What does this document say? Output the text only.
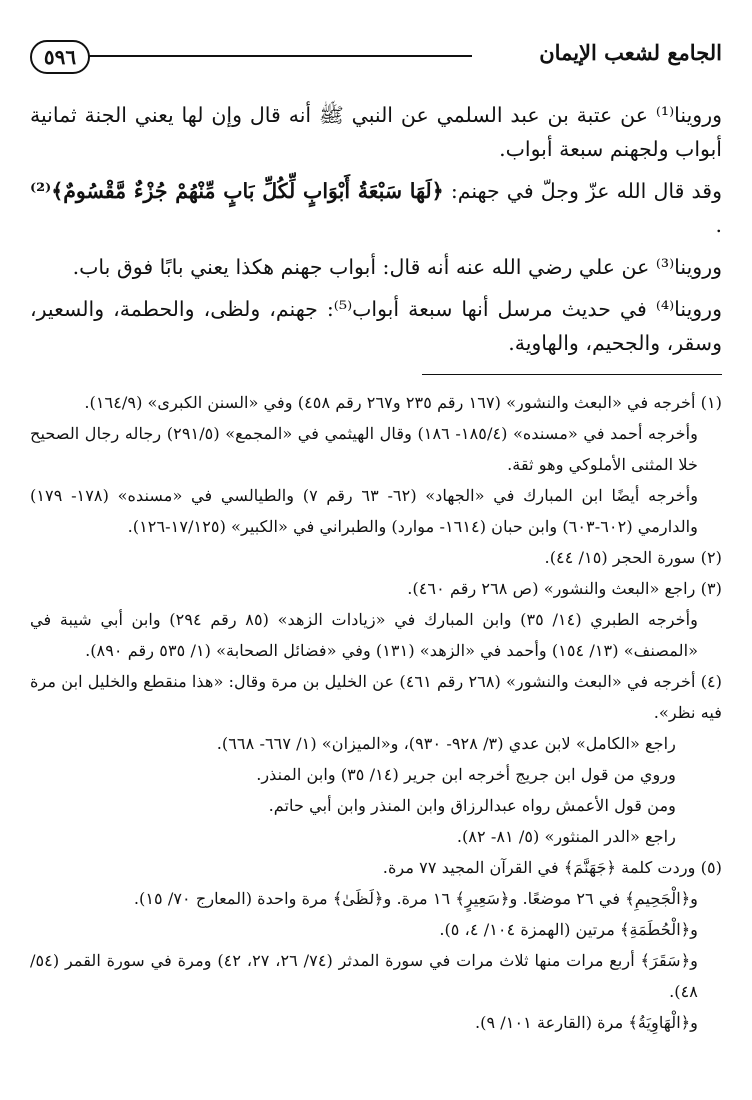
الجامع لشعب الإيمان
٥٩٦

وروينا⁽¹⁾ عن عتبة بن عبد السلمي عن النبي ﷺ أنه قال وإن لها يعني الجنة ثمانية أبواب ولجهنم سبعة أبواب.

وقد قال الله عزّ وجلّ في جهنم: ﴿لَهَا سَبْعَةُ أَبْوَابٍ لِّكُلِّ بَابٍ مِّنْهُمْ جُزْءٌ مَّقْسُومٌ﴾⁽²⁾ .

وروينا⁽³⁾ عن علي رضي الله عنه أنه قال: أبواب جهنم هكذا يعني بابًا فوق باب.

وروينا⁽⁴⁾ في حديث مرسل أنها سبعة أبواب⁽⁵⁾: جهنم، ولظى، والحطمة، والسعير، وسقر، والجحيم، والهاوية.

(١) أخرجه في «البعث والنشور» (١٦٧ رقم ٢٣٥ و٢٦٧ رقم ٤٥٨) وفي «السنن الكبرى» (١٦٤/٩).

وأخرجه أحمد في «مسنده» (١٨٥/٤- ١٨٦) وقال الهيثمي في «المجمع» (٢٩١/٥) رجاله رجال الصحيح خلا المثنى الأملوكي وهو ثقة.

وأخرجه أيضًا ابن المبارك في «الجهاد» (٦٢- ٦٣ رقم ٧) والطيالسي في «مسنده» (١٧٨- ١٧٩) والدارمي (٦٠٢-٦٠٣) وابن حبان (١٦١٤- موارد) والطبراني في «الكبير» (١٧/١٢٥-١٢٦).

(٢) سورة الحجر (١٥/ ٤٤).

(٣) راجع «البعث والنشور» (ص ٢٦٨ رقم ٤٦٠).

وأخرجه الطبري (١٤/ ٣٥) وابن المبارك في «زيادات الزهد» (٨٥ رقم ٢٩٤) وابن أبي شيبة في «المصنف» (١٣/ ١٥٤) وأحمد في «الزهد» (١٣١) وفي «فضائل الصحابة» (١/ ٥٣٥ رقم ٨٩٠).

(٤) أخرجه في «البعث والنشور» (٢٦٨ رقم ٤٦١) عن الخليل بن مرة وقال: «هذا منقطع والخليل ابن مرة فيه نظر».

راجع «الكامل» لابن عدي (٣/ ٩٢٨- ٩٣٠)، و«الميزان» (١/ ٦٦٧- ٦٦٨).

وروي من قول ابن جريج أخرجه ابن جرير (١٤/ ٣٥) وابن المنذر.

ومن قول الأعمش رواه عبدالرزاق وابن المنذر وابن أبي حاتم.

راجع «الدر المنثور» (٥/ ٨١- ٨٢).

(٥) وردت كلمة ﴿جَهَنَّمَ﴾ في القرآن المجيد ٧٧ مرة.

و﴿الْجَحِيمِ﴾ في ٢٦ موضعًا. و﴿سَعِيرٍ﴾ ١٦ مرة. و﴿لَظَىٰ﴾ مرة واحدة (المعارج ٧٠/ ١٥).

و﴿الْحُطَمَةِ﴾ مرتين (الهمزة ١٠٤/ ٤، ٥).

و﴿سَقَرَ﴾ أربع مرات منها ثلاث مرات في سورة المدثر (٧٤/ ٢٦، ٢٧، ٤٢) ومرة في سورة القمر (٥٤/ ٤٨).

و﴿الْهَاوِيَةُ﴾ مرة (القارعة ١٠١/ ٩).
